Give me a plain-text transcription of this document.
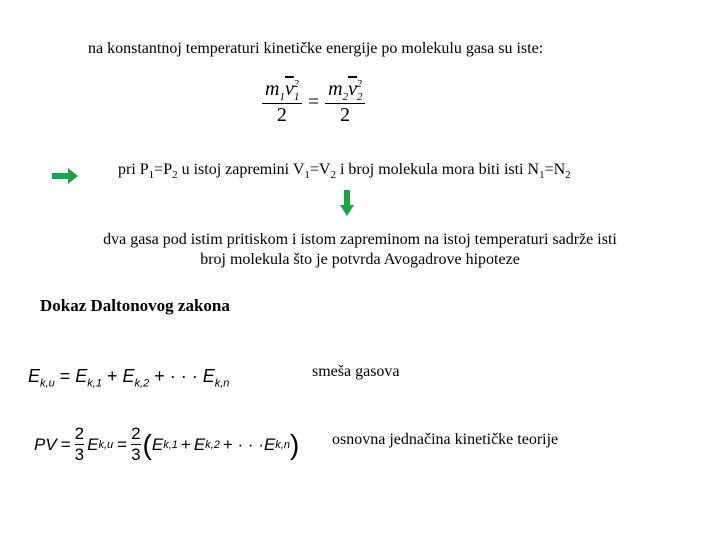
na konstantnoj temperaturi kinetičke energije po molekulu gasa su iste:
$\frac{m_1\overline{v}_1^2}{2} = \frac{m_2\overline{v}_2^2}{2}$
pri $P_1=P_2$ u istoj zapremini $V_1=V_2$ i broj molekula mora biti isti $N_1=N_2$
dva gasa pod istim pritiskom i istom zapreminom na istoj temperaturi sadrže isti
broj molekula što je potvrda Avogadrove hipoteze
Dokaz Daltonovog zakona
$E_{k,u} = E_{k,1} + E_{k,2}$ + · · · $E_{k,n}$
smeša gasova
PV = $\frac{2}{3}$ E $k,u = \frac{2}{3}$ ( E k,1 + E k,2 + · · · E k,n ) osnovna jednačina kinetičke teorije
